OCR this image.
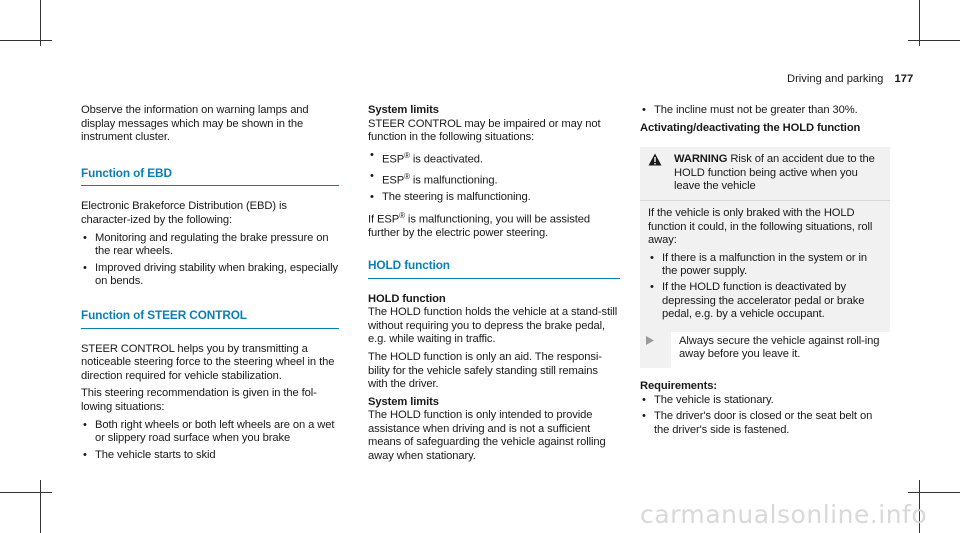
Driving and parking 177

Observe the information on warning lamps and display messages which may be shown in the instrument cluster.

Function of EBD

Electronic Brakeforce Distribution (EBD) is character-ized by the following:

• Monitoring and regulating the brake pressure on the rear wheels.
• Improved driving stability when braking, especially on bends.
Function of STEER CONTROL

STEER CONTROL helps you by transmitting a noticeable steering force to the steering wheel in the direction required for vehicle stabilization.

This steering recommendation is given in the fol-lowing situations:

• Both right wheels or both left wheels are on a wet or slippery road surface when you brake
• The vehicle starts to skid
System limits

STEER CONTROL may be impaired or may not function in the following situations:

• ESP® is deactivated.
• ESP® is malfunctioning.
• The steering is malfunctioning.

If ESP® is malfunctioning, you will be assisted further by the electric power steering.

HOLD function
HOLD function

The HOLD function holds the vehicle at a stand-still without requiring you to depress the brake pedal, e.g. while waiting in traffic.

The HOLD function is only an aid. The responsi-bility for the vehicle safely standing still remains with the driver.

System limits

The HOLD function is only intended to provide assistance when driving and is not a sufficient means of safeguarding the vehicle against rolling away when stationary.

• The incline must not be greater than 30%.
Activating/deactivating the HOLD function
WARNING Risk of an accident due to the HOLD function being active when you leave the vehicle

If the vehicle is only braked with the HOLD function it could, in the following situations, roll away:

• If there is a malfunction in the system or in the power supply.
• If the HOLD function is deactivated by depressing the accelerator pedal or brake pedal, e.g. by a vehicle occupant.

Always secure the vehicle against roll-ing away before you leave it.

Requirements:
• The vehicle is stationary.
• The driver's door is closed or the seat belt on the driver's side is fastened.
carmanualsonline.info
